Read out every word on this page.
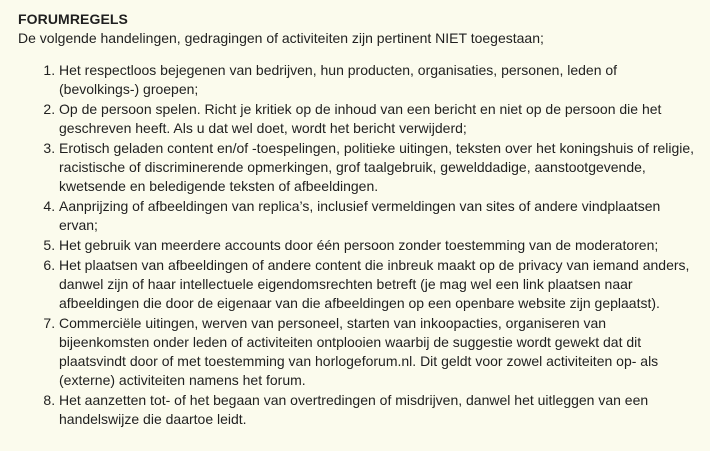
FORUMREGELS

De volgende handelingen, gedragingen of activiteiten zijn pertinent NIET toegestaan;

1. Het respectloos bejegenen van bedrijven, hun producten, organisaties, personen, leden of (bevolkings-) groepen;
2. Op de persoon spelen. Richt je kritiek op de inhoud van een bericht en niet op de persoon die het geschreven heeft. Als u dat wel doet, wordt het bericht verwijderd;
3. Erotisch geladen content en/of -toespelingen, politieke uitingen, teksten over het koningshuis of religie, racistische of discriminerende opmerkingen, grof taalgebruik, gewelddadige, aanstootgevende, kwetsende en beledigende teksten of afbeeldingen.
4. Aanprijzing of afbeeldingen van replica’s, inclusief vermeldingen van sites of andere vindplaatsen ervan;
5. Het gebruik van meerdere accounts door één persoon zonder toestemming van de moderatoren;
6. Het plaatsen van afbeeldingen of andere content die inbreuk maakt op de privacy van iemand anders, danwel zijn of haar intellectuele eigendomsrechten betreft (je mag wel een link plaatsen naar afbeeldingen die door de eigenaar van die afbeeldingen op een openbare website zijn geplaatst).
7. Commerciële uitingen, werven van personeel, starten van inkoopacties, organiseren van bijeenkomsten onder leden of activiteiten ontplooien waarbij de suggestie wordt gewekt dat dit plaatsvindt door of met toestemming van horlogeforum.nl. Dit geldt voor zowel activiteiten op- als (externe) activiteiten namens het forum.
8. Het aanzetten tot- of het begaan van overtredingen of misdrijven, danwel het uitleggen van een handelswijze die daartoe leidt.
